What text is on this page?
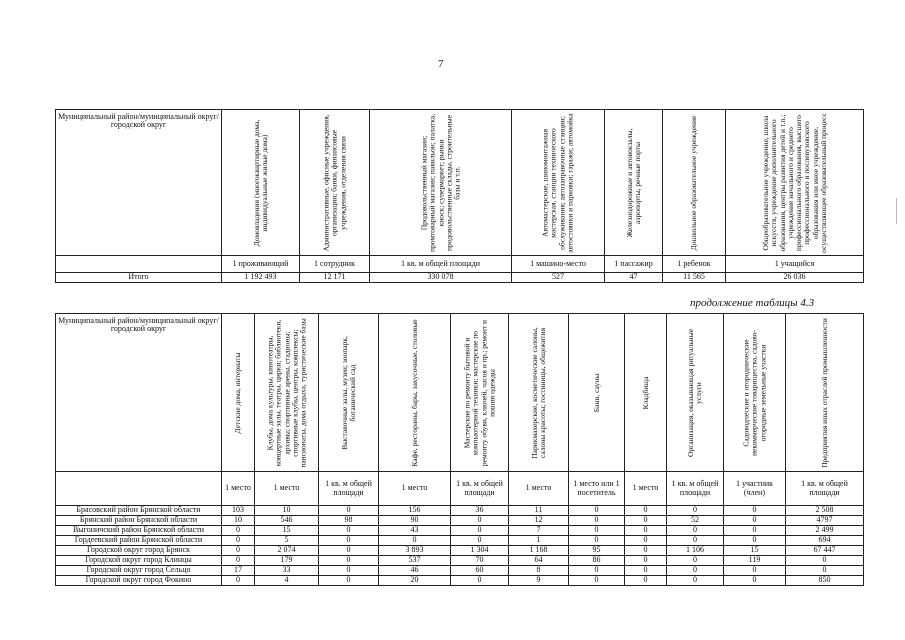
7
Муниципальный район/муниципальный округ/городской округ	Домовладения (многоквартирные дома, индивидуальные жилые дома)	Административные, офисные учреждения, организации; банки, финансовые учреждения, отделения связи	Продовольственный магазин; промтоварный магазин; павильон; палатка, киоск; супермаркет; рынки продовольственные склады, строительные базы и т.п.	Автомастерские, шиномонтажная мастерская, станции технического обслуживания; автозаправочные станции; автостоянки и парковки; гаражи; автомойка	Железнодорожные и автовокзалы, аэропорты, речные порты	Дошкольное образовательное учреждение	Общеобразовательное учреждение, школа искусств, учреждение дополнительного образования, центры развития детей и т.п.; учреждение начального и среднего профессионального образования, высшего профессионального и послевузовского образования или иное учреждение, осуществляющее образовательный процесс

	1 проживающий	1 сотрудник	1 кв. м общей площади	1 машино-место	1 пассажир	1 ребенок	1 учащийся
Итого	1 192 493	12 171	330 078	527	47	11 565	26 036
продолжение таблицы 4.3
Муниципальный район/муниципальный округ/городской округ	Детские дома, интернаты	Клубы, дома культуры, кинотеатры, концертные залы, театры, цирки; библиотеки, архивы; спортивные арены, стадионы; спортивные клубы, центры, комплексы; пансионаты, дома отдыха, туристические базы	Выставочные залы, музеи; зоопарк, ботанический сад	Кафе, рестораны, бары, закусочные, столовые	Мастерские по ремонту бытовой и компьютерной техники; мастерские по ремонту обуви, ключей, часов и пр.; ремонт и пошив одежды	Парикмахерские, косметические салоны, салоны красоты; гостиницы, общежития	Бани, сауны	Кладбища	Организация, оказывающая ритуальные услуги	Садоводческие и огороднические некоммерческие товарищества, садово-огородные земельные участки	Предприятия иных отраслей промышленности

	1 место	1 место	1 кв. м общей площади	1 место	1 кв. м общей площади	1 место	1 место или 1 посетитель	1 место	1 кв. м общей площади	1 участник (член)	1 кв. м общей площади
Брасовский район Брянской области	103	10	0	156	36	11	0	0	0	0	2 508
Брянский район Брянской области	10	546	98	90	0	12	0	0	52	0	4797
Выгоничский район Брянской области	0	15	0	43	0	7	0	0	0	0	2 499
Гордеевский район Брянской области	0	5	0	0	0	1	0	0	0	0	694
Городской округ город Брянск	0	2 074	0	3 893	1 304	1 168	95	0	1 106	15	67 447
Городской округ город Клинцы	0	179	0	537	70	64	86	0	0	119	0
Городской округ город Сельцо	17	33	0	46	60	8	0	0	0	0	0
Городской округ город Фокино	0	4	0	20	0	9	0	0	0	0	850
